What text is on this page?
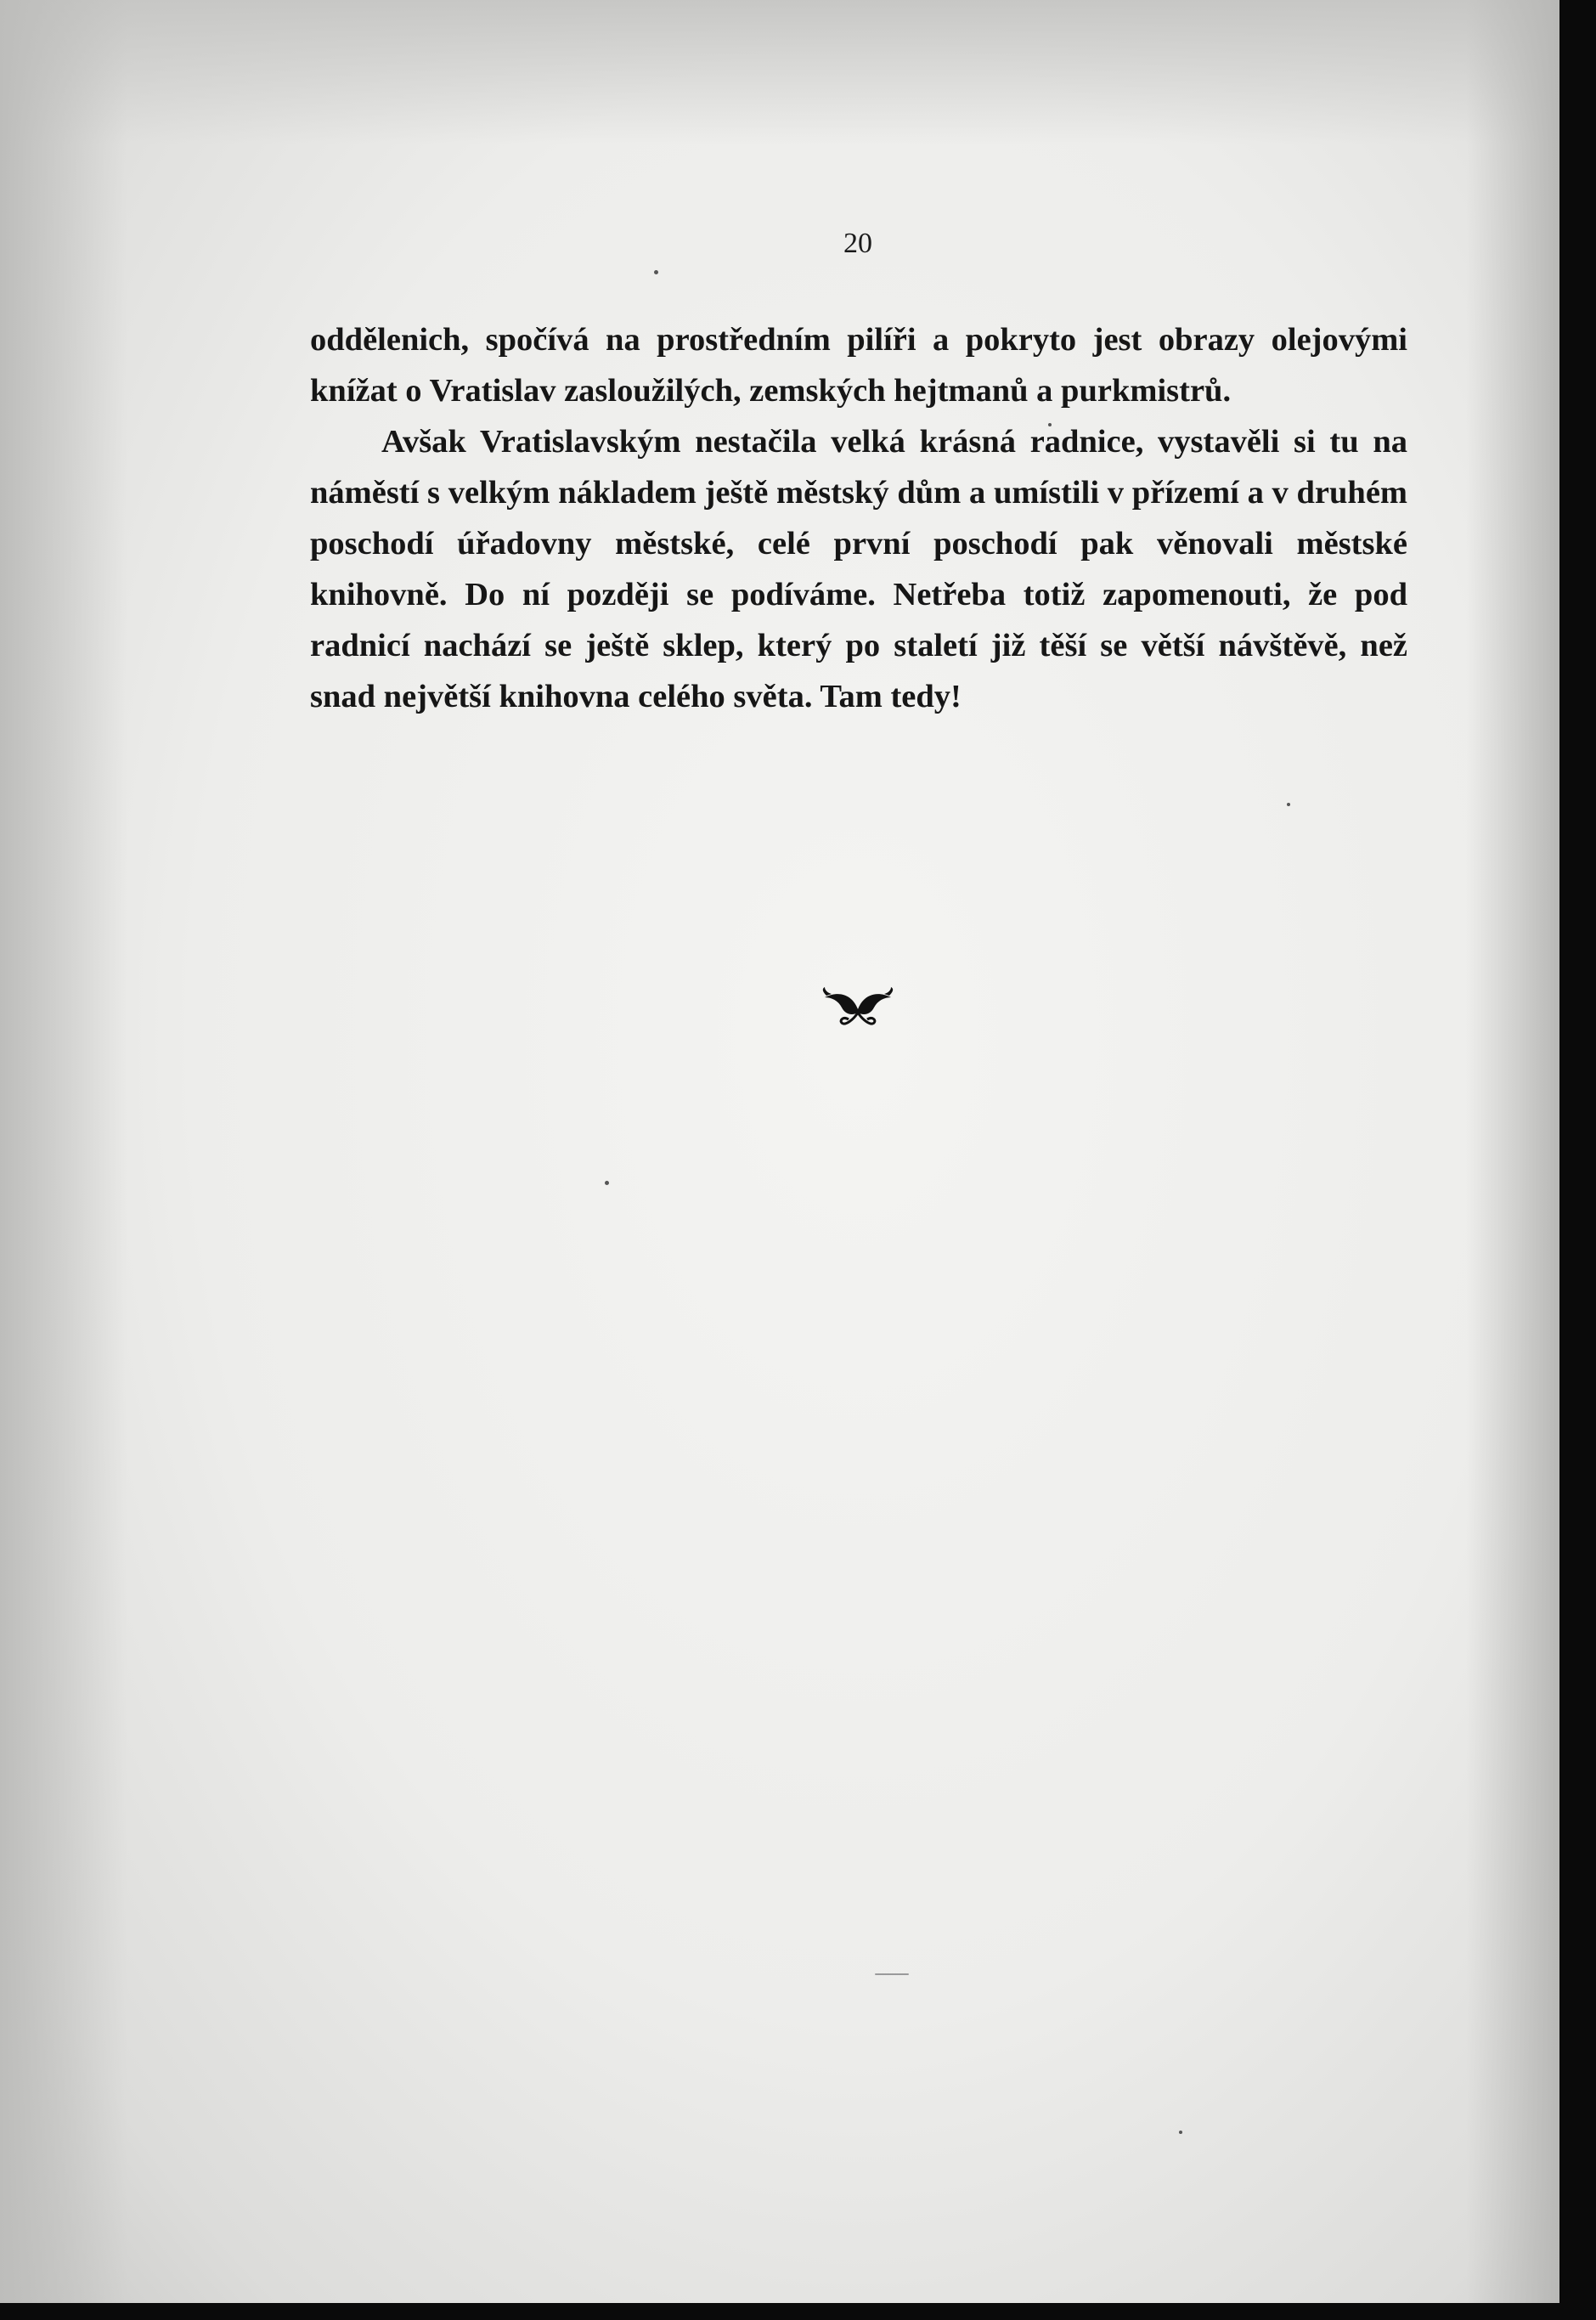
20

oddělenich, spočívá na prostředním pilíři a pokryto jest obrazy olejovými knížat o Vratislav zasloužilých, zemských hejtmanů a purkmistrů.

Avšak Vratislavským nestačila velká krásná radnice, vystavěli si tu na náměstí s velkým nákladem ještě městský dům a umístili v přízemí a v druhém poschodí úřadovny městské, celé první poschodí pak věnovali městské knihovně. Do ní později se podíváme. Netřeba totiž zapomenouti, že pod radnicí nachází se ještě sklep, který po staletí již těší se větší návštěvě, než snad největší knihovna celého světa. Tam tedy!
